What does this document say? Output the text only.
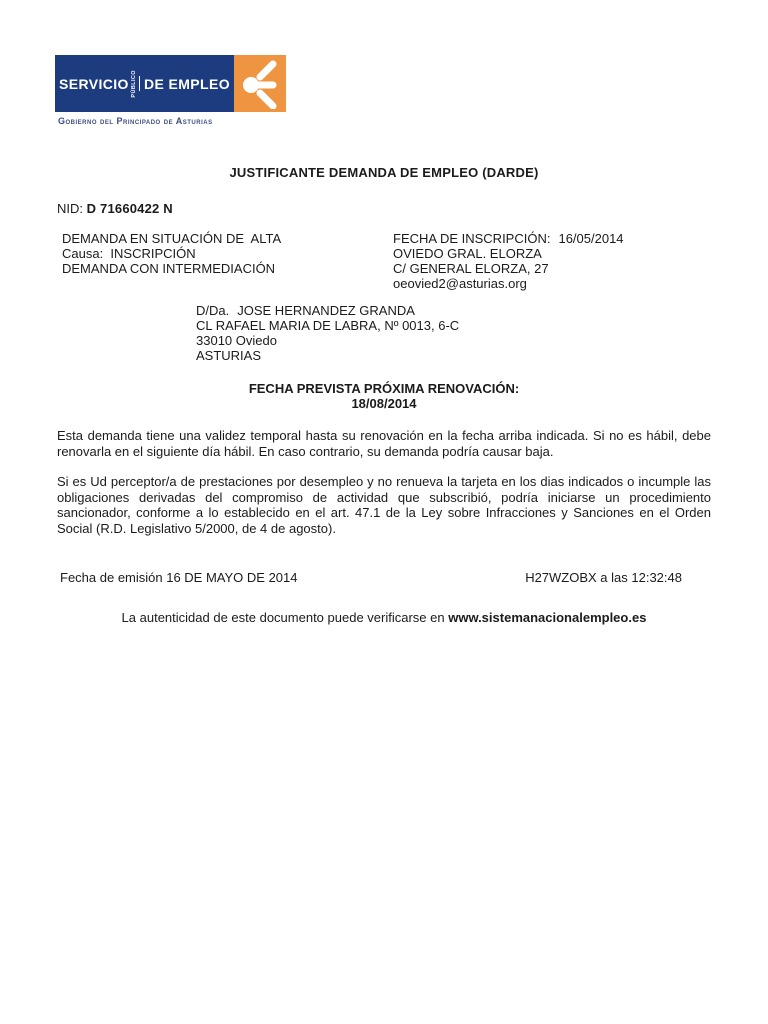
SERVICIO PÚBLICO DE EMPLEO
Gobierno del Principado de Asturias
JUSTIFICANTE DEMANDA DE EMPLEO (DARDE)
NID: D 71660422 N
DEMANDA EN SITUACIÓN DE  ALTA
Causa:  INSCRIPCIÓN
DEMANDA CON INTERMEDIACIÓN
FECHA DE INSCRIPCIÓN: 16/05/2014
OVIEDO GRAL. ELORZA
C/ GENERAL ELORZA, 27
oeovied2@asturias.org
D/Da. JOSE HERNANDEZ GRANDA
CL RAFAEL MARIA DE LABRA, Nº 0013, 6-C
33010 Oviedo
ASTURIAS
FECHA PREVISTA PRÓXIMA RENOVACIÓN:
18/08/2014
Esta demanda tiene una validez temporal hasta su renovación en la fecha arriba indicada. Si no es hábil, debe renovarla en el siguiente día hábil. En caso contrario, su demanda podría causar baja.
Si es Ud perceptor/a de prestaciones por desempleo y no renueva la tarjeta en los dias indicados o incumple las obligaciones derivadas del compromiso de actividad que subscribió, podría iniciarse un procedimiento sancionador, conforme a lo establecido en el art. 47.1 de la Ley sobre Infracciones y Sanciones en el Orden Social (R.D. Legislativo 5/2000, de 4 de agosto).
Fecha de emisión 16 DE MAYO DE 2014	H27WZOBX a las 12:32:48
La autenticidad de este documento puede verificarse en www.sistemanacionalempleo.es
